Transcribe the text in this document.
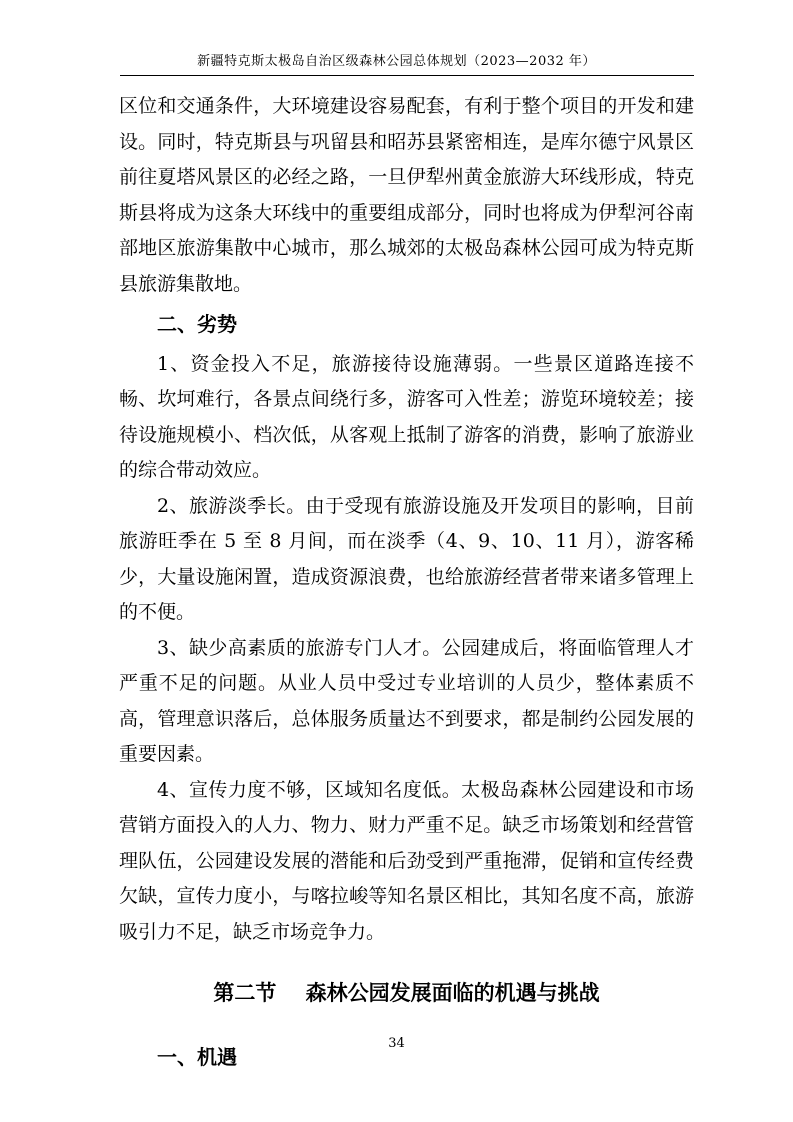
新疆特克斯太极岛自治区级森林公园总体规划（2023—2032 年）

区位和交通条件，大环境建设容易配套，有利于整个项目的开发和建设。同时，特克斯县与巩留县和昭苏县紧密相连，是库尔德宁风景区前往夏塔风景区的必经之路，一旦伊犁州黄金旅游大环线形成，特克斯县将成为这条大环线中的重要组成部分，同时也将成为伊犁河谷南部地区旅游集散中心城市，那么城郊的太极岛森林公园可成为特克斯县旅游集散地。

二、劣势

1、资金投入不足，旅游接待设施薄弱。一些景区道路连接不畅、坎坷难行，各景点间绕行多，游客可入性差；游览环境较差；接待设施规模小、档次低，从客观上抵制了游客的消费，影响了旅游业的综合带动效应。

2、旅游淡季长。由于受现有旅游设施及开发项目的影响，目前旅游旺季在 5 至 8 月间，而在淡季（4、9、10、11 月），游客稀少，大量设施闲置，造成资源浪费，也给旅游经营者带来诸多管理上的不便。

3、缺少高素质的旅游专门人才。公园建成后，将面临管理人才严重不足的问题。从业人员中受过专业培训的人员少，整体素质不高，管理意识落后，总体服务质量达不到要求，都是制约公园发展的重要因素。

4、宣传力度不够，区域知名度低。太极岛森林公园建设和市场营销方面投入的人力、物力、财力严重不足。缺乏市场策划和经营管理队伍，公园建设发展的潜能和后劲受到严重拖滞，促销和宣传经费欠缺，宣传力度小，与喀拉峻等知名景区相比，其知名度不高，旅游吸引力不足，缺乏市场竞争力。

第二节    森林公园发展面临的机遇与挑战

一、机遇

34
